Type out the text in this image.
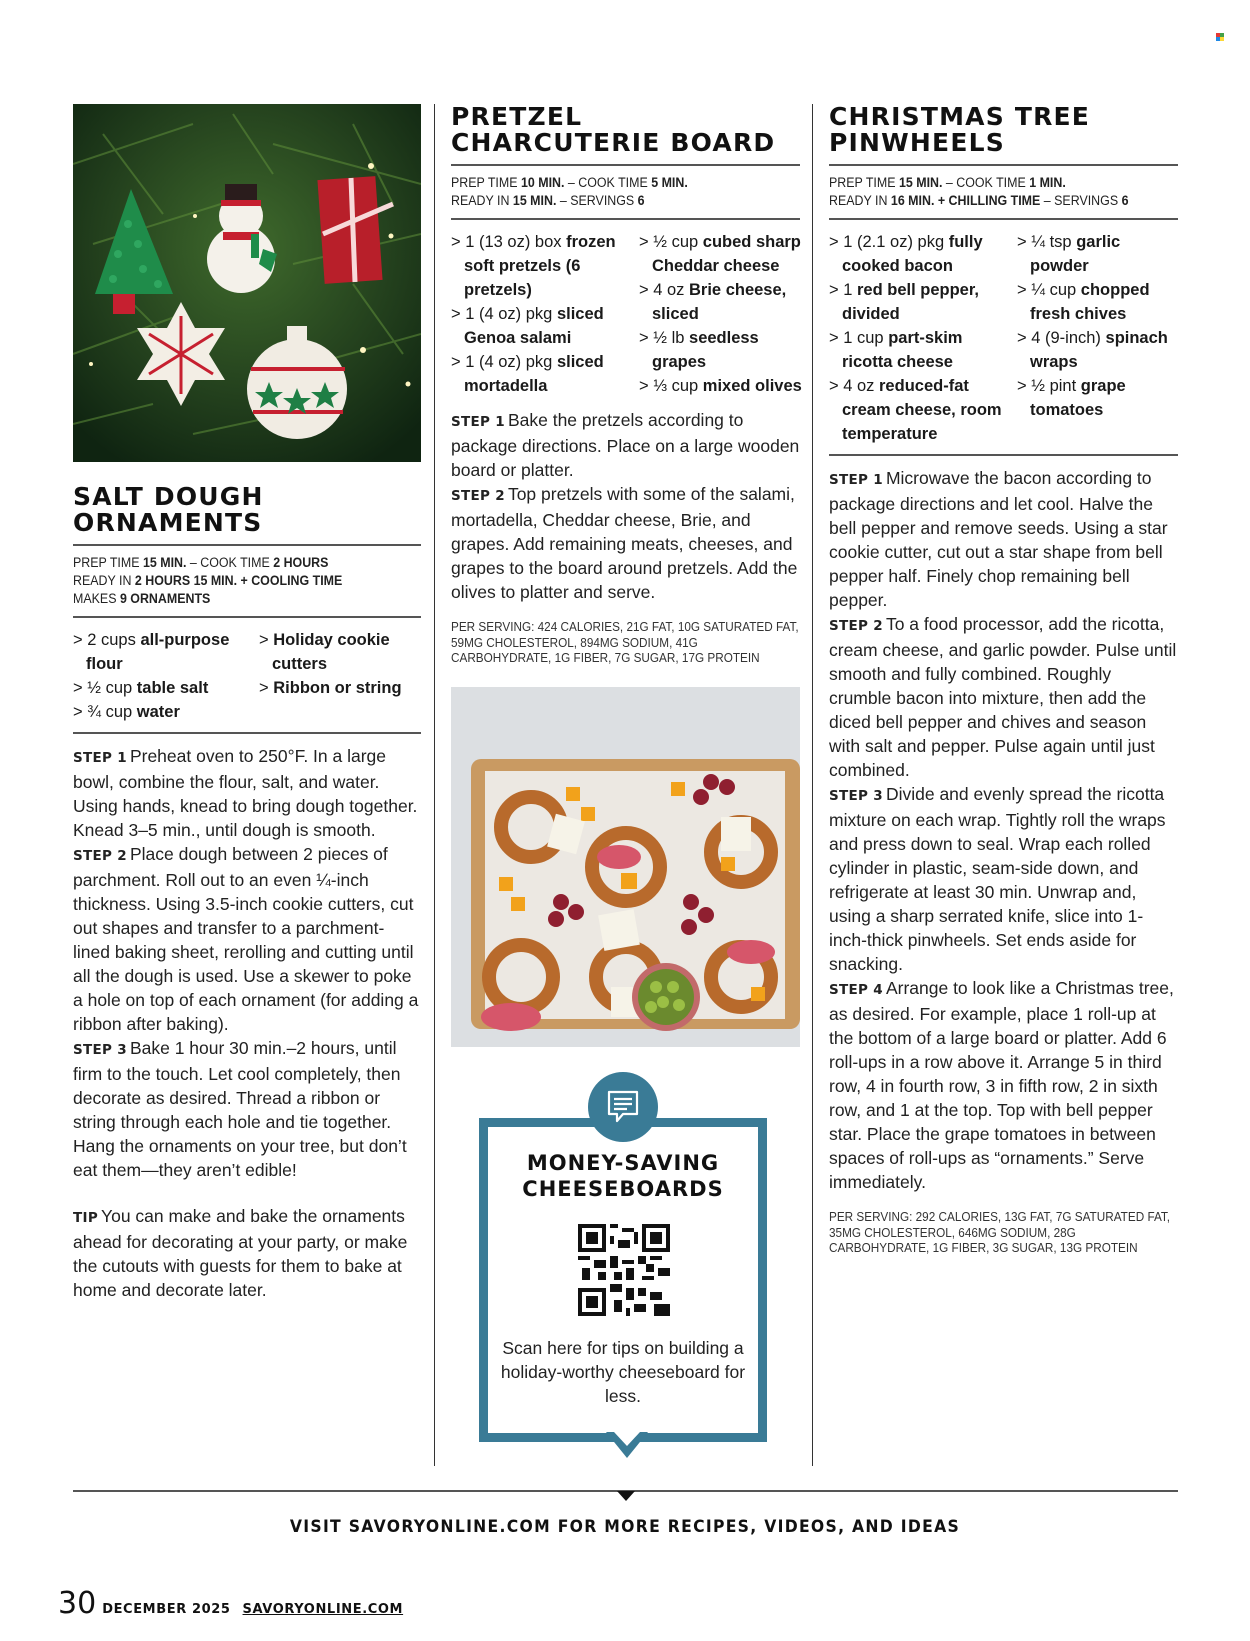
SALT DOUGH ORNAMENTS
PREP TIME 15 MIN. – COOK TIME 2 HOURS
READY IN 2 HOURS 15 MIN. + COOLING TIME
MAKES 9 ORNAMENTS
> 2 cups all-purpose flour
> ½ cup table salt
> ¾ cup water
> Holiday cookie cutters
> Ribbon or string

STEP 1 Preheat oven to 250°F. In a large bowl, combine the flour, salt, and water. Using hands, knead to bring dough together. Knead 3–5 min., until dough is smooth.

STEP 2 Place dough between 2 pieces of parchment. Roll out to an even ¼-inch thickness. Using 3.5-inch cookie cutters, cut out shapes and transfer to a parchment-lined baking sheet, rerolling and cutting until all the dough is used. Use a skewer to poke a hole on top of each ornament (for adding a ribbon after baking).

STEP 3 Bake 1 hour 30 min.–2 hours, until firm to the touch. Let cool completely, then decorate as desired. Thread a ribbon or string through each hole and tie together. Hang the ornaments on your tree, but don’t eat them—they aren’t edible!

TIP You can make and bake the ornaments ahead for decorating at your party, or make the cutouts with guests for them to bake at home and decorate later.

PRETZEL CHARCUTERIE BOARD
PREP TIME 10 MIN. – COOK TIME 5 MIN.
READY IN 15 MIN. – SERVINGS 6
> 1 (13 oz) box frozen soft pretzels (6 pretzels)
> 1 (4 oz) pkg sliced Genoa salami
> 1 (4 oz) pkg sliced mortadella
> ½ cup cubed sharp Cheddar cheese
> 4 oz Brie cheese, sliced
> ½ lb seedless grapes
> ⅓ cup mixed olives

STEP 1 Bake the pretzels according to package directions. Place on a large wooden board or platter.

STEP 2 Top pretzels with some of the salami, mortadella, Cheddar cheese, Brie, and grapes. Add remaining meats, cheeses, and grapes to the board around pretzels. Add the olives to platter and serve.

PER SERVING: 424 CALORIES, 21G FAT, 10G SATURATED FAT, 59MG CHOLESTEROL, 894MG SODIUM, 41G CARBOHYDRATE, 1G FIBER, 7G SUGAR, 17G PROTEIN

CHRISTMAS TREE PINWHEELS
PREP TIME 15 MIN. – COOK TIME 1 MIN.
READY IN 16 MIN. + CHILLING TIME – SERVINGS 6
> 1 (2.1 oz) pkg fully cooked bacon
> 1 red bell pepper, divided
> 1 cup part-skim ricotta cheese
> 4 oz reduced-fat cream cheese, room temperature
> ¼ tsp garlic powder
> ¼ cup chopped fresh chives
> 4 (9-inch) spinach wraps
> ½ pint grape tomatoes

STEP 1 Microwave the bacon according to package directions and let cool. Halve the bell pepper and remove seeds. Using a star cookie cutter, cut out a star shape from bell pepper half. Finely chop remaining bell pepper.

STEP 2 To a food processor, add the ricotta, cream cheese, and garlic powder. Pulse until smooth and fully combined. Roughly crumble bacon into mixture, then add the diced bell pepper and chives and season with salt and pepper. Pulse again until just combined.

STEP 3 Divide and evenly spread the ricotta mixture on each wrap. Tightly roll the wraps and press down to seal. Wrap each rolled cylinder in plastic, seam-side down, and refrigerate at least 30 min. Unwrap and, using a sharp serrated knife, slice into 1-inch-thick pinwheels. Set ends aside for snacking.

STEP 4 Arrange to look like a Christmas tree, as desired. For example, place 1 roll-up at the bottom of a large board or platter. Add 6 roll-ups in a row above it. Arrange 5 in third row, 4 in fourth row, 3 in fifth row, 2 in sixth row, and 1 at the top. Top with bell pepper star. Place the grape tomatoes in between spaces of roll-ups as “ornaments.” Serve immediately.

PER SERVING: 292 CALORIES, 13G FAT, 7G SATURATED FAT, 35MG CHOLESTEROL, 646MG SODIUM, 28G CARBOHYDRATE, 1G FIBER, 3G SUGAR, 13G PROTEIN

MONEY-SAVING
CHEESEBOARDS

Scan here for tips on building a holiday-worthy cheeseboard for less.

VISIT SAVORYONLINE.COM FOR MORE RECIPES, VIDEOS, AND IDEAS
30 DECEMBER 2025 SAVORYONLINE.COM
